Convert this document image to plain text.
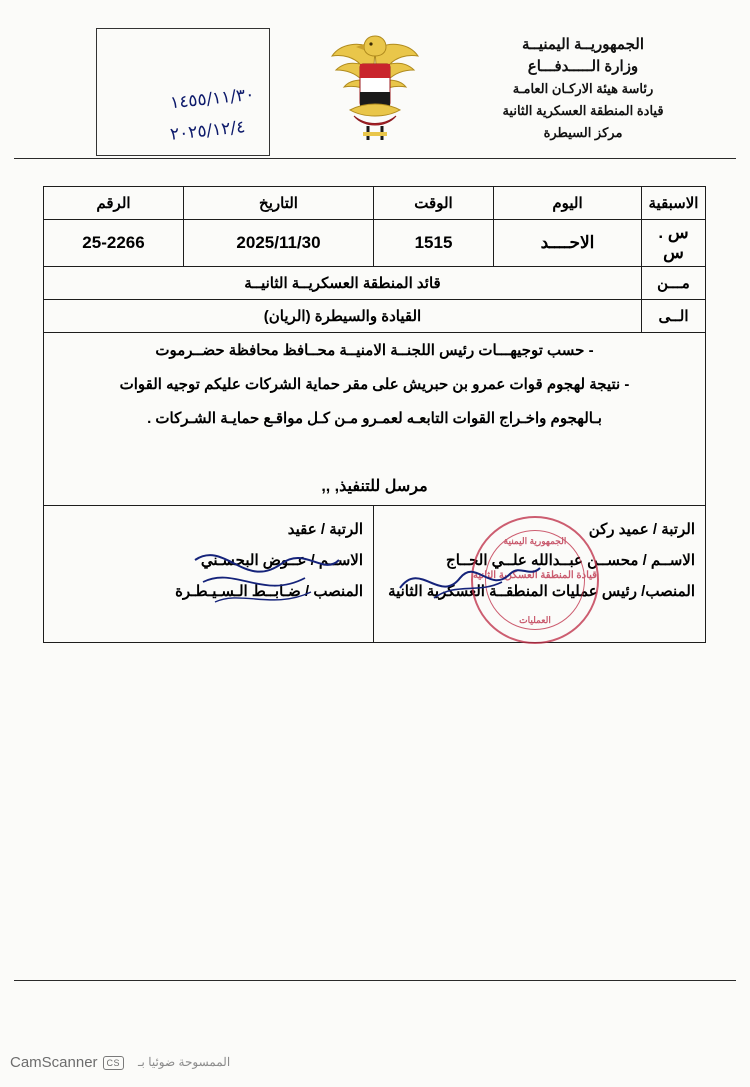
الجمهوريــة اليمنيــة
وزارة الـــــدفـــاع
رئاسة هيئة الاركـان العامـة
قيادة المنطقة العسكرية الثانية
مركز السيطرة
١٤٥٥/١١/٣٠
٢٠٢٥/١٢/٤
الاسبقية	اليوم	الوقت	التاريخ	الرقم
س . س	الاحــــد	1515	2025/11/30	25-2266
مـــن	قائد المنطقة العسكريــة الثانيــة			
الــى	القيادة والسيطرة (الريان)			

- حسب توجيهـــات رئيس اللجنــة الامنيــة محــافظ محافظة حضــرموت

- نتيجة لهجوم قوات عمرو بن حبريش على مقر حماية الشركات عليكم توجيه القوات

بـالهجوم واخـراج القوات التابعـه لعمـرو مـن كـل مواقـع حمايـة الشـركات .

مرسل للتنفيذ, ,,				

الرتبة / عميد ركن
الاســم / محســن عبــدالله علــي الحــاج
المنصب/ رئيس عمليات المنطقــة العسكرية الثانية
الجمهورية اليمنية
قيادة المنطقة العسكرية الثانية
العمليات

الرتبة / عقيد
الاســم / عــوض البحسـني
المنصب / ضـابــط الـسـيـطـرة
CS
CamScanner	الممسوحة ضوئيا بـ
